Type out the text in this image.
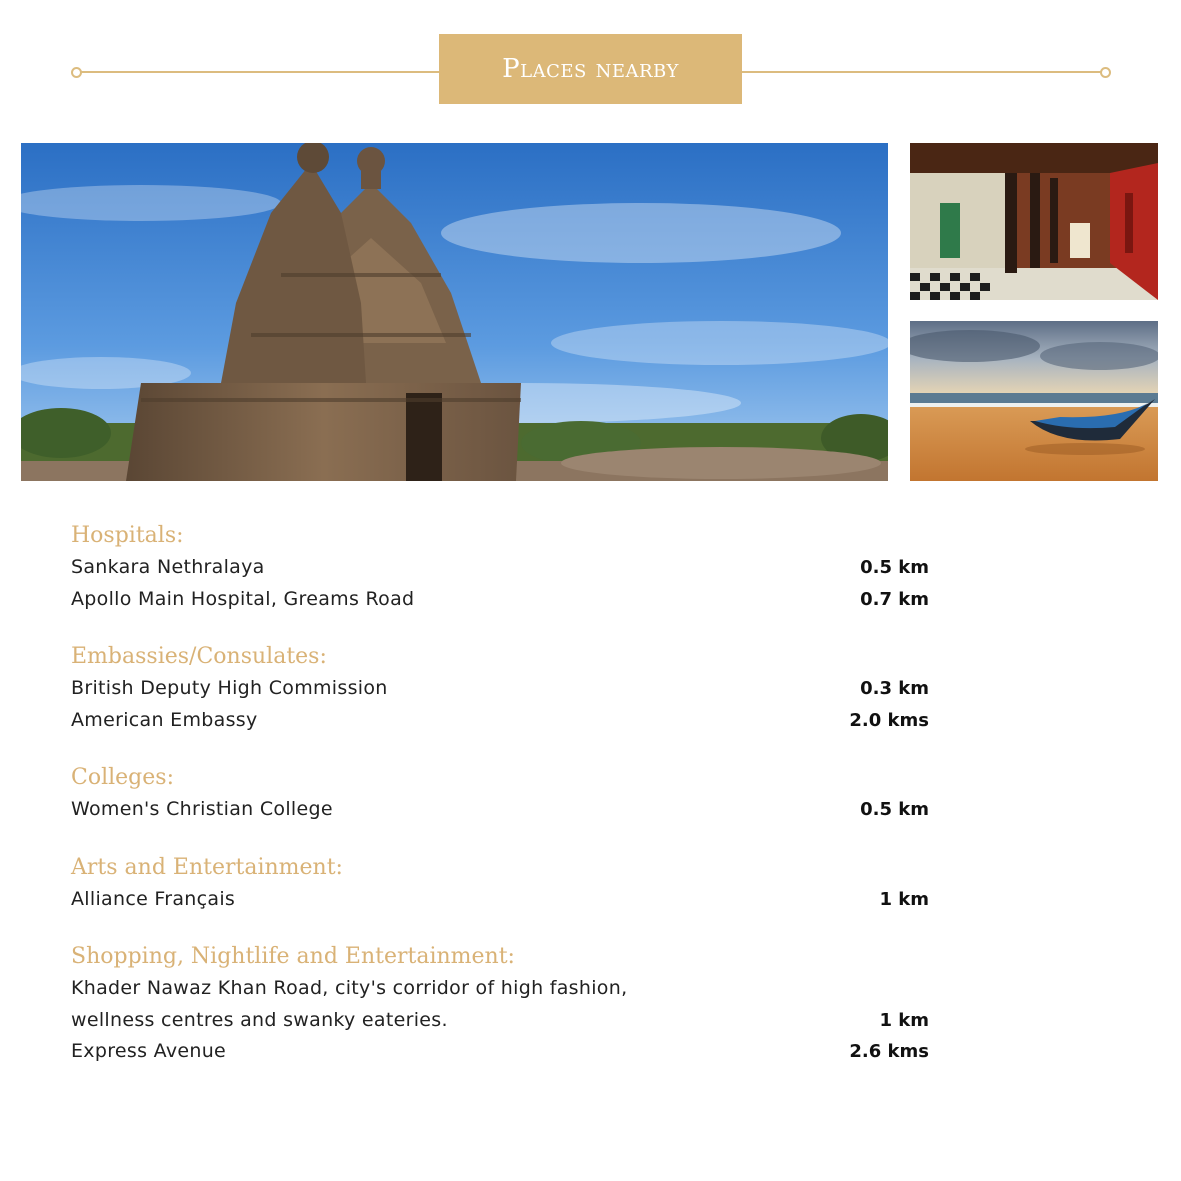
Places nearby
Hospitals:
Sankara Nethralaya	0.5 km
Apollo Main Hospital, Greams Road	0.7 km
Embassies/Consulates:
British Deputy High Commission	0.3 km
American Embassy	2.0 kms
Colleges:
Women's Christian College	0.5 km
Arts and Entertainment:
Alliance Français	1 km
Shopping, Nightlife and Entertainment:
Khader Nawaz Khan Road, city's corridor of high fashion, wellness centres and swanky eateries.	1 km
Express Avenue	2.6 kms
